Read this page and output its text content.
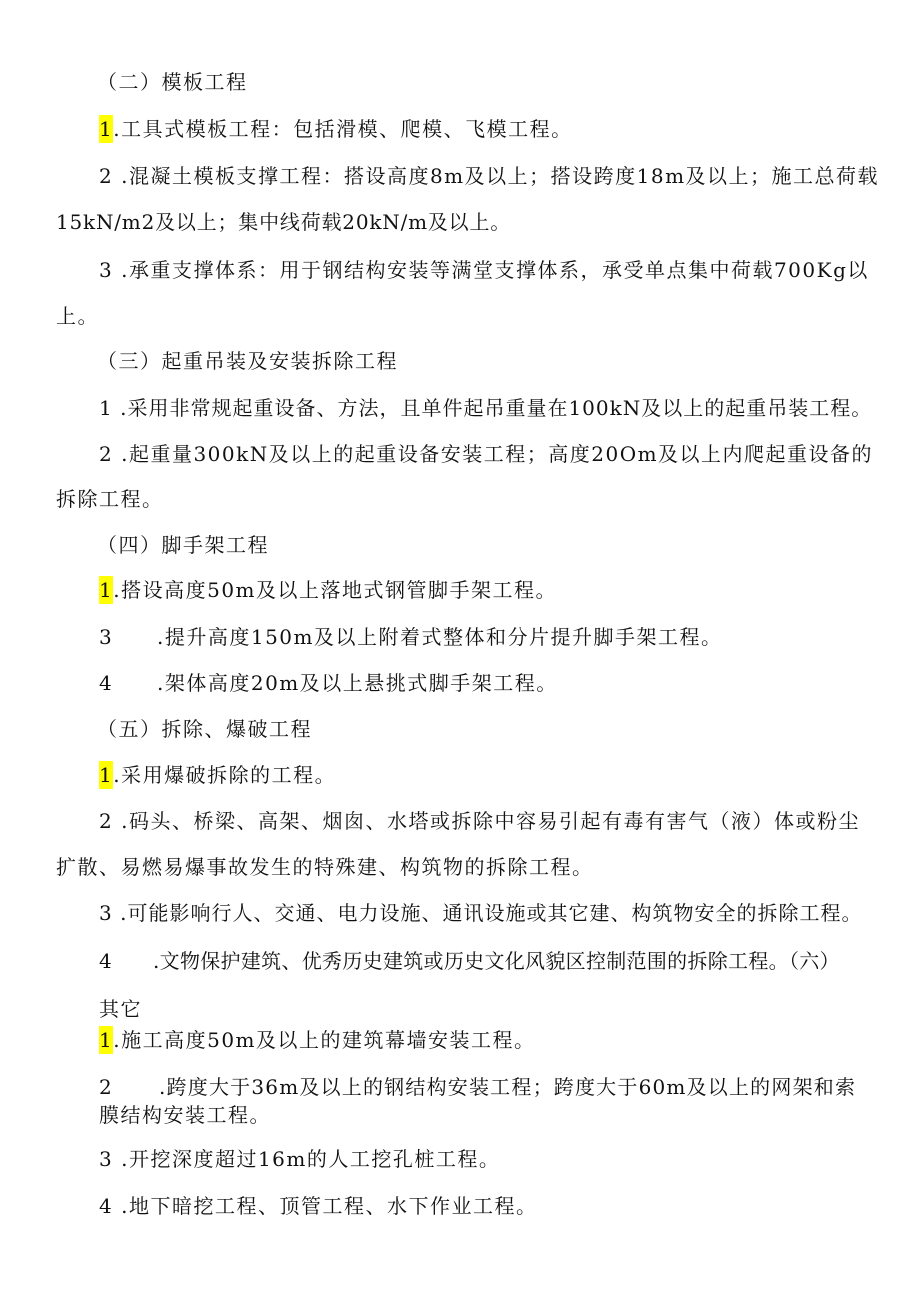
（二）模板工程
1.工具式模板工程：包括滑模、爬模、飞模工程。
2 .混凝土模板支撑工程：搭设高度8m及以上；搭设跨度18m及以上；施工总荷载
15kN∕m2及以上；集中线荷载20kN∕m及以上。
3 .承重支撑体系：用于钢结构安装等满堂支撑体系，承受单点集中荷载700Kg以
上。
（三）起重吊装及安装拆除工程
1 .采用非常规起重设备、方法，且单件起吊重量在100kN及以上的起重吊装工程。
2 .起重量300kN及以上的起重设备安装工程；高度20Om及以上内爬起重设备的
拆除工程。
（四）脚手架工程
1.搭设高度50m及以上落地式钢管脚手架工程。
3 .提升高度150m及以上附着式整体和分片提升脚手架工程。
4 .架体高度20m及以上悬挑式脚手架工程。
（五）拆除、爆破工程
1.采用爆破拆除的工程。
2 .码头、桥梁、高架、烟囱、水塔或拆除中容易引起有毒有害气（液）体或粉尘
扩散、易燃易爆事故发生的特殊建、构筑物的拆除工程。
3 .可能影响行人、交通、电力设施、通讯设施或其它建、构筑物安全的拆除工程。
4 .文物保护建筑、优秀历史建筑或历史文化风貌区控制范围的拆除工程。（六）
其它
1.施工高度50m及以上的建筑幕墙安装工程。
2 .跨度大于36m及以上的钢结构安装工程；跨度大于60m及以上的网架和索
膜结构安装工程。
3 .开挖深度超过16m的人工挖孔桩工程。
4 .地下暗挖工程、顶管工程、水下作业工程。
